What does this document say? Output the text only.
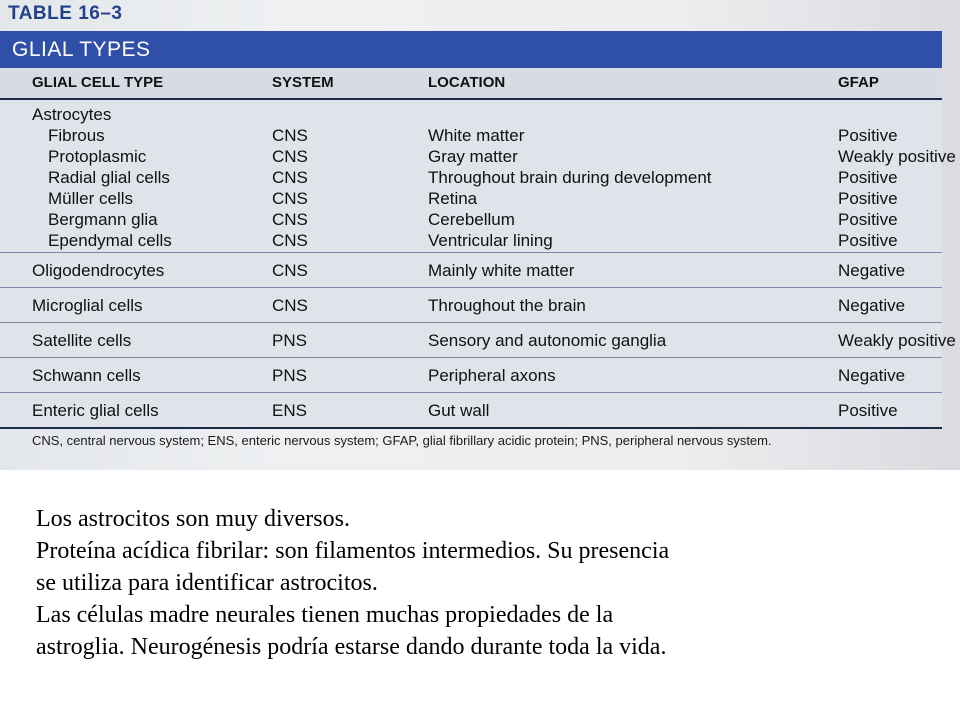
TABLE 16–3
GLIAL TYPES
GLIAL CELL TYPE	SYSTEM	LOCATION	GFAP
Astrocytes
Fibrous	CNS	White matter	Positive
Protoplasmic	CNS	Gray matter	Weakly positive
Radial glial cells	CNS	Throughout brain during development	Positive
Müller cells	CNS	Retina	Positive
Bergmann glia	CNS	Cerebellum	Positive
Ependymal cells	CNS	Ventricular lining	Positive
Oligodendrocytes	CNS	Mainly white matter	Negative
Microglial cells	CNS	Throughout the brain	Negative
Satellite cells	PNS	Sensory and autonomic ganglia	Weakly positive
Schwann cells	PNS	Peripheral axons	Negative
Enteric glial cells	ENS	Gut wall	Positive
CNS, central nervous system; ENS, enteric nervous system; GFAP, glial fibrillary acidic protein; PNS, peripheral nervous system.
Los astrocitos son muy diversos.
Proteína acídica fibrilar: son filamentos intermedios. Su presencia
se utiliza para identificar astrocitos.
Las células madre neurales tienen muchas propiedades de la
astroglia. Neurogénesis podría estarse dando durante toda la vida.
